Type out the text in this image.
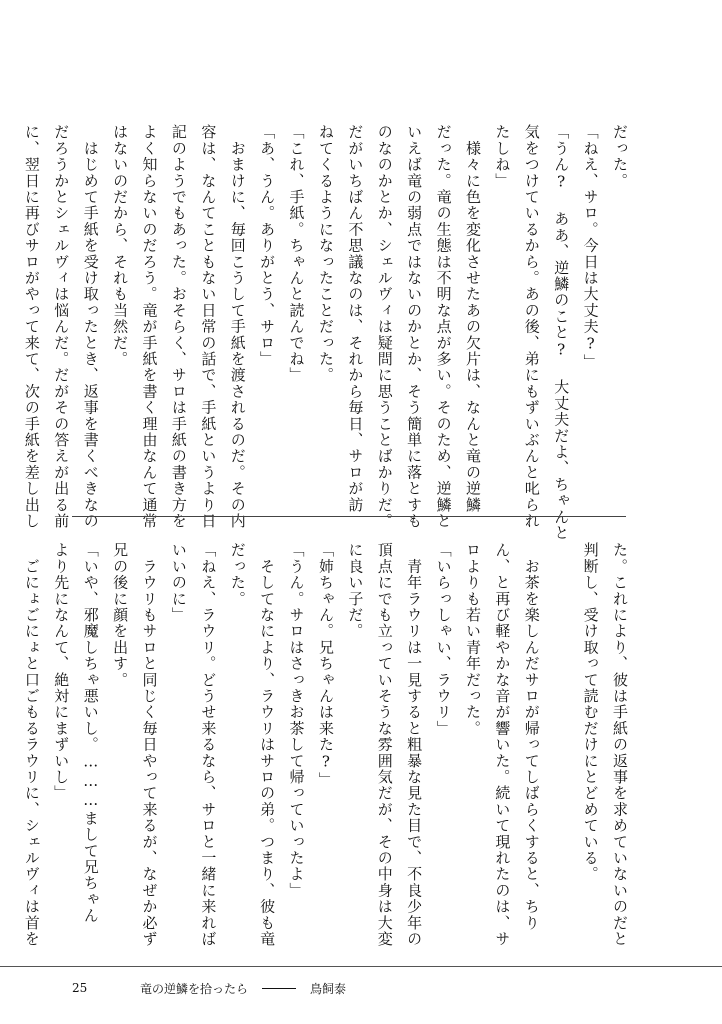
だった。

「ねえ、サロ。今日は大丈夫?」

「うん? ああ、逆鱗のこと? 大丈夫だよ、ちゃんと

気をつけているから。あの後、弟にもずいぶんと叱られ

たしね」

　様々に色を変化させたあの欠片は、なんと竜の逆鱗

だった。竜の生態は不明な点が多い。そのため、逆鱗と

いえば竜の弱点ではないのかとか、そう簡単に落とすも

のなのかとか、シェルヴィは疑問に思うことばかりだ。

だがいちばん不思議なのは、それから毎日、サロが訪

ねてくるようになったことだった。

「これ、手紙。ちゃんと読んでね」

「あ、うん。ありがとう、サロ」

　おまけに、毎回こうして手紙を渡されるのだ。その内

容は、なんてこともない日常の話で、手紙というより日

記のようでもあった。おそらく、サロは手紙の書き方を

よく知らないのだろう。竜が手紙を書く理由なんて通常

はないのだから、それも当然だ。

　はじめて手紙を受け取ったとき、返事を書くべきなの

だろうかとシェルヴィは悩んだ。だがその答えが出る前

に、翌日に再びサロがやって来て、次の手紙を差し出し

た。これにより、彼は手紙の返事を求めていないのだと

判断し、受け取って読むだけにとどめている。

　お茶を楽しんだサロが帰ってしばらくすると、ちり

ん、と再び軽やかな音が響いた。続いて現れたのは、サ

ロよりも若い青年だった。

「いらっしゃい、ラウリ」

　青年ラウリは一見すると粗暴な見た目で、不良少年の

頂点にでも立っていそうな雰囲気だが、その中身は大変

に良い子だ。

「姉ちゃん。兄ちゃんは来た?」

「うん。サロはさっきお茶して帰っていったよ」

　そしてなにより、ラウリはサロの弟。つまり、彼も竜

だった。

「ねえ、ラウリ。どうせ来るなら、サロと一緒に来れば

いいのに」

　ラウリもサロと同じく毎日やって来るが、なぜか必ず

兄の後に顔を出す。

「いや、邪魔しちゃ悪いし。………まして兄ちゃん

より先になんて、絶対にまずいし」

　ごにょごにょと口ごもるラウリに、シェルヴィは首を

25	竜の逆鱗を拾ったら	鳥飼泰
